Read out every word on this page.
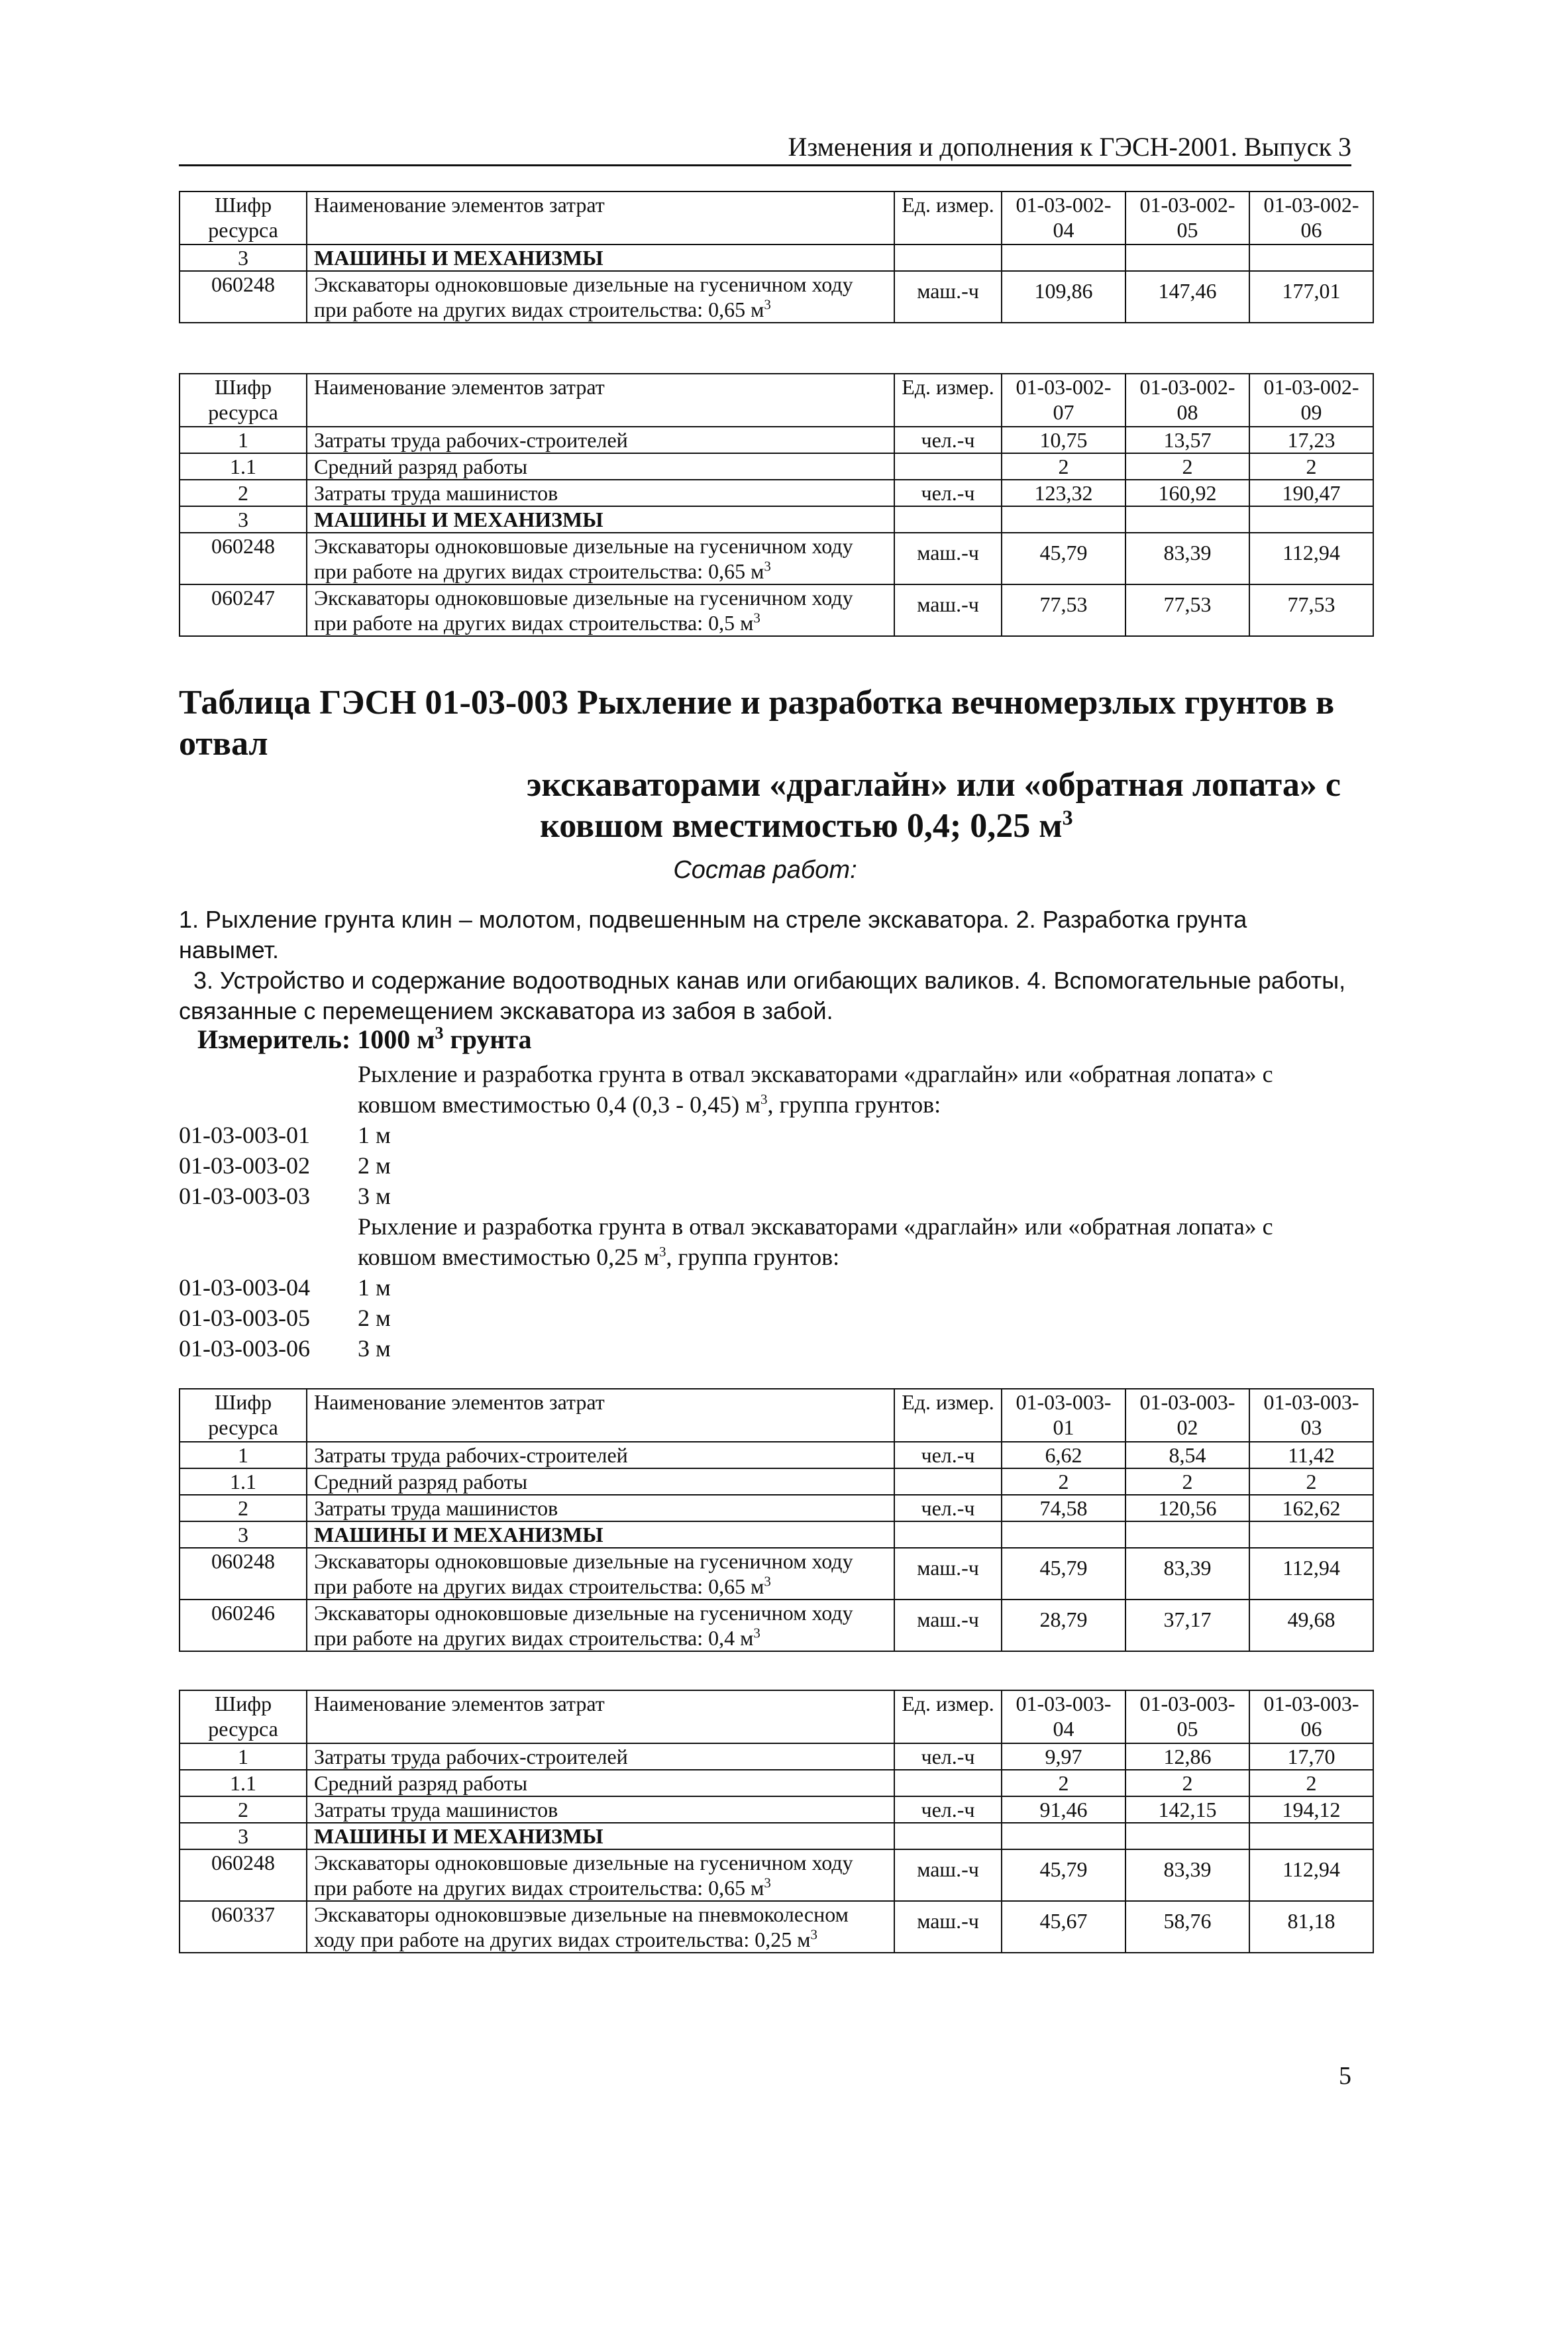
Изменения и дополнения к ГЭСН-2001. Выпуск 3
Шифр ресурса	Наименование элементов затрат	Ед. измер.	01-03-002-04	01-03-002-05	01-03-002-06
3	МАШИНЫ И МЕХАНИЗМЫ				
060248	Экскаваторы одноковшовые дизельные на гусеничном ходу при работе на других видах строительства: 0,65 $м^3$	маш.-ч	109,86	147,46	177,01
Шифр ресурса	Наименование элементов затрат	Ед. измер.	01-03-002-07	01-03-002-08	01-03-002-09
1	Затраты труда рабочих-строителей	чел.-ч	10,75	13,57	17,23
1.1	Средний разряд работы		2	2	2
2	Затраты труда машинистов	чел.-ч	123,32	160,92	190,47
3	МАШИНЫ И МЕХАНИЗМЫ				
060248	Экскаваторы одноковшовые дизельные на гусеничном ходу при работе на других видах строительства: 0,65 $м^3$	маш.-ч	45,79	83,39	112,94
060247	Экскаваторы одноковшовые дизельные на гусеничном ходу при работе на других видах строительства: 0,5 $м^3$	маш.-ч	77,53	77,53	77,53
Таблица ГЭСН 01-03-003 Рыхление и разработка вечномерзлых грунтов в отвал
экскаваторами «драглайн» или «обратная лопата» с
ковшом вместимостью 0,4; 0,25 $м^3$
Состав работ:

1. Рыхление грунта клин – молотом, подвешенным на стреле экскаватора. 2. Разработка грунта навымет.

3. Устройство и содержание водоотводных канав или огибающих валиков. 4. Вспомогательные работы,

связанные с перемещением экскаватора из забоя в забой.

Измеритель: 1000 $м^3$ грунта
Рыхление и разработка грунта в отвал экскаваторами «драглайн» или «обратная лопата» с
ковшом вместимостью 0,4 (0,3 - 0,45) $м^3$, группа грунтов:
01-03-003-01	1 м
01-03-003-02	2 м
01-03-003-03	3 м
Рыхление и разработка грунта в отвал экскаваторами «драглайн» или «обратная лопата» с
ковшом вместимостью 0,25 $м^3$, группа грунтов:
01-03-003-04	1 м
01-03-003-05	2 м
01-03-003-06	3 м
Шифр ресурса	Наименование элементов затрат	Ед. измер.	01-03-003-01	01-03-003-02	01-03-003-03
1	Затраты труда рабочих-строителей	чел.-ч	6,62	8,54	11,42
1.1	Средний разряд работы		2	2	2
2	Затраты труда машинистов	чел.-ч	74,58	120,56	162,62
3	МАШИНЫ И МЕХАНИЗМЫ				
060248	Экскаваторы одноковшовые дизельные на гусеничном ходу при работе на других видах строительства: 0,65 $м^3$	маш.-ч	45,79	83,39	112,94
060246	Экскаваторы одноковшовые дизельные на гусеничном ходу при работе на других видах строительства: 0,4 $м^3$	маш.-ч	28,79	37,17	49,68
Шифр ресурса	Наименование элементов затрат	Ед. измер.	01-03-003-04	01-03-003-05	01-03-003-06
1	Затраты труда рабочих-строителей	чел.-ч	9,97	12,86	17,70
1.1	Средний разряд работы		2	2	2
2	Затраты труда машинистов	чел.-ч	91,46	142,15	194,12
3	МАШИНЫ И МЕХАНИЗМЫ				
060248	Экскаваторы одноковшовые дизельные на гусеничном ходу при работе на других видах строительства: 0,65 $м^3$	маш.-ч	45,79	83,39	112,94
060337	Экскаваторы одноковшэвые дизельные на пневмоколесном ходу при работе на других видах строительства: 0,25 $м^3$	маш.-ч	45,67	58,76	81,18
5
